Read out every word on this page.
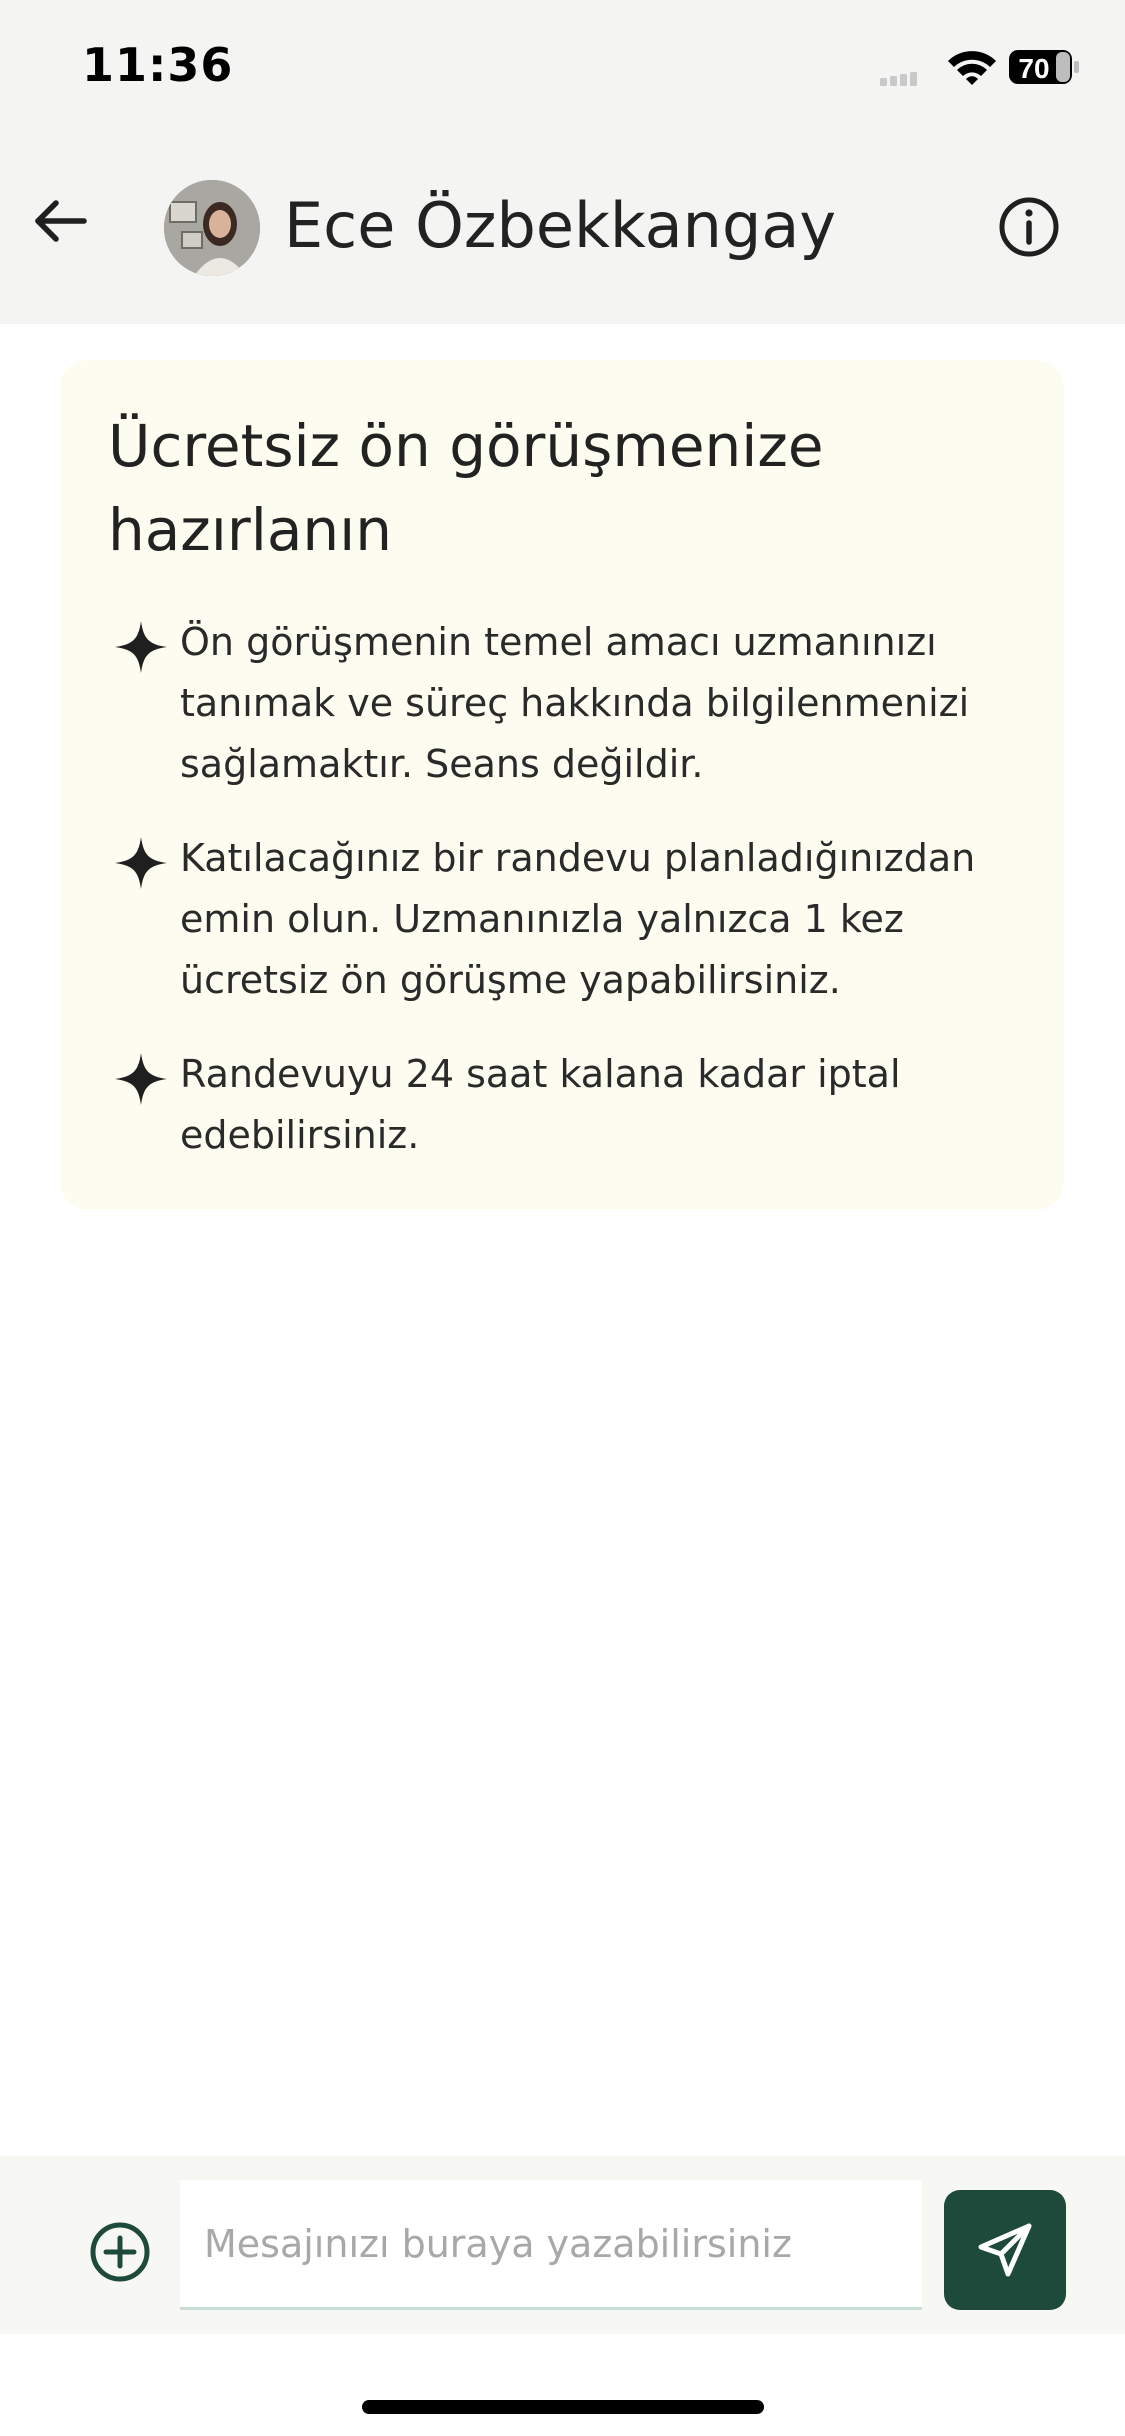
11:36	70
Ece Özbekkangay
Ücretsiz ön görüşmenize hazırlanın
Ön görüşmenin temel amacı uzmanınızı tanımak ve süreç hakkında bilgilenmenizi sağlamaktır. Seans değildir.
Katılacağınız bir randevu planladığınızdan emin olun. Uzmanınızla yalnızca 1 kez ücretsiz ön görüşme yapabilirsiniz.
Randevuyu 24 saat kalana kadar iptal edebilirsiniz.
Mesajınızı buraya yazabilirsiniz
